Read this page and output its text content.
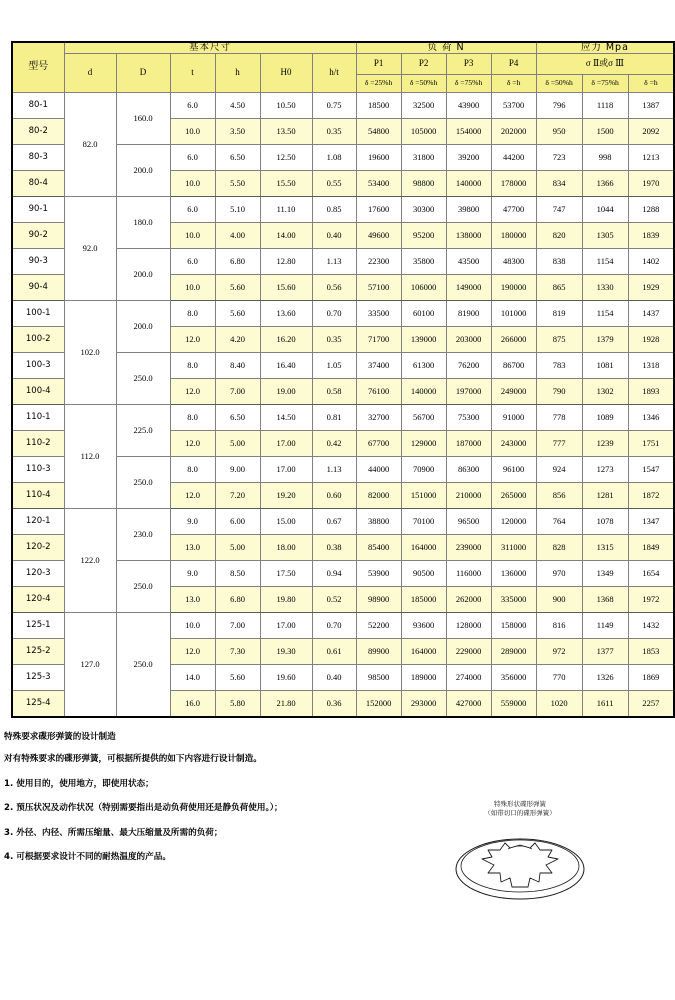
型号	基本尺寸						负 荷 N				应力 Mpa		
	d	D	t	h	H0	h/t	P1	P2	P3	P4	σ Ⅱ或σ Ⅲ		
							δ =25%h	δ =50%h	δ =75%h	δ =h	δ =50%h	δ =75%h	δ =h
80-1	82.0	160.0	6.0	4.50	10.50	0.75	18500	32500	43900	53700	796	1118	1387
80-2			10.0	3.50	13.50	0.35	54800	105000	154000	202000	950	1500	2092
80-3		200.0	6.0	6.50	12.50	1.08	19600	31800	39200	44200	723	998	1213
80-4			10.0	5.50	15.50	0.55	53400	98800	140000	178000	834	1366	1970
90-1	92.0	180.0	6.0	5.10	11.10	0.85	17600	30300	39800	47700	747	1044	1288
90-2			10.0	4.00	14.00	0.40	49600	95200	138000	180000	820	1305	1839
90-3		200.0	6.0	6.80	12.80	1.13	22300	35800	43500	48300	838	1154	1402
90-4			10.0	5.60	15.60	0.56	57100	106000	149000	190000	865	1330	1929
100-1	102.0	200.0	8.0	5.60	13.60	0.70	33500	60100	81900	101000	819	1154	1437
100-2			12.0	4.20	16.20	0.35	71700	139000	203000	266000	875	1379	1928
100-3		250.0	8.0	8.40	16.40	1.05	37400	61300	76200	86700	783	1081	1318
100-4			12.0	7.00	19.00	0.58	76100	140000	197000	249000	790	1302	1893
110-1	112.0	225.0	8.0	6.50	14.50	0.81	32700	56700	75300	91000	778	1089	1346
110-2			12.0	5.00	17.00	0.42	67700	129000	187000	243000	777	1239	1751
110-3		250.0	8.0	9.00	17.00	1.13	44000	70900	86300	96100	924	1273	1547
110-4			12.0	7.20	19.20	0.60	82000	151000	210000	265000	856	1281	1872
120-1	122.0	230.0	9.0	6.00	15.00	0.67	38800	70100	96500	120000	764	1078	1347
120-2			13.0	5.00	18.00	0.38	85400	164000	239000	311000	828	1315	1849
120-3		250.0	9.0	8.50	17.50	0.94	53900	90500	116000	136000	970	1349	1654
120-4			13.0	6.80	19.80	0.52	98900	185000	262000	335000	900	1368	1972
125-1	127.0	250.0	10.0	7.00	17.00	0.70	52200	93600	128000	158000	816	1149	1432
125-2			12.0	7.30	19.30	0.61	89900	164000	229000	289000	972	1377	1853
125-3			14.0	5.60	19.60	0.40	98500	189000	274000	356000	770	1326	1869
125-4			16.0	5.80	21.80	0.36	152000	293000	427000	559000	1020	1611	2257
特殊要求碟形弹簧的设计制造
对有特殊要求的碟形弹簧，可根据所提供的如下内容进行设计制造。
1. 使用目的，使用地方，即使用状态；
2. 预压状况及动作状况（特别需要指出是动负荷使用还是静负荷使用。）；
3. 外径、内径、所需压缩量、最大压缩量及所需的负荷；
4. 可根据要求设计不同的耐热温度的产品。
特殊形状碟形弹簧
（如带切口的碟形弹簧）
